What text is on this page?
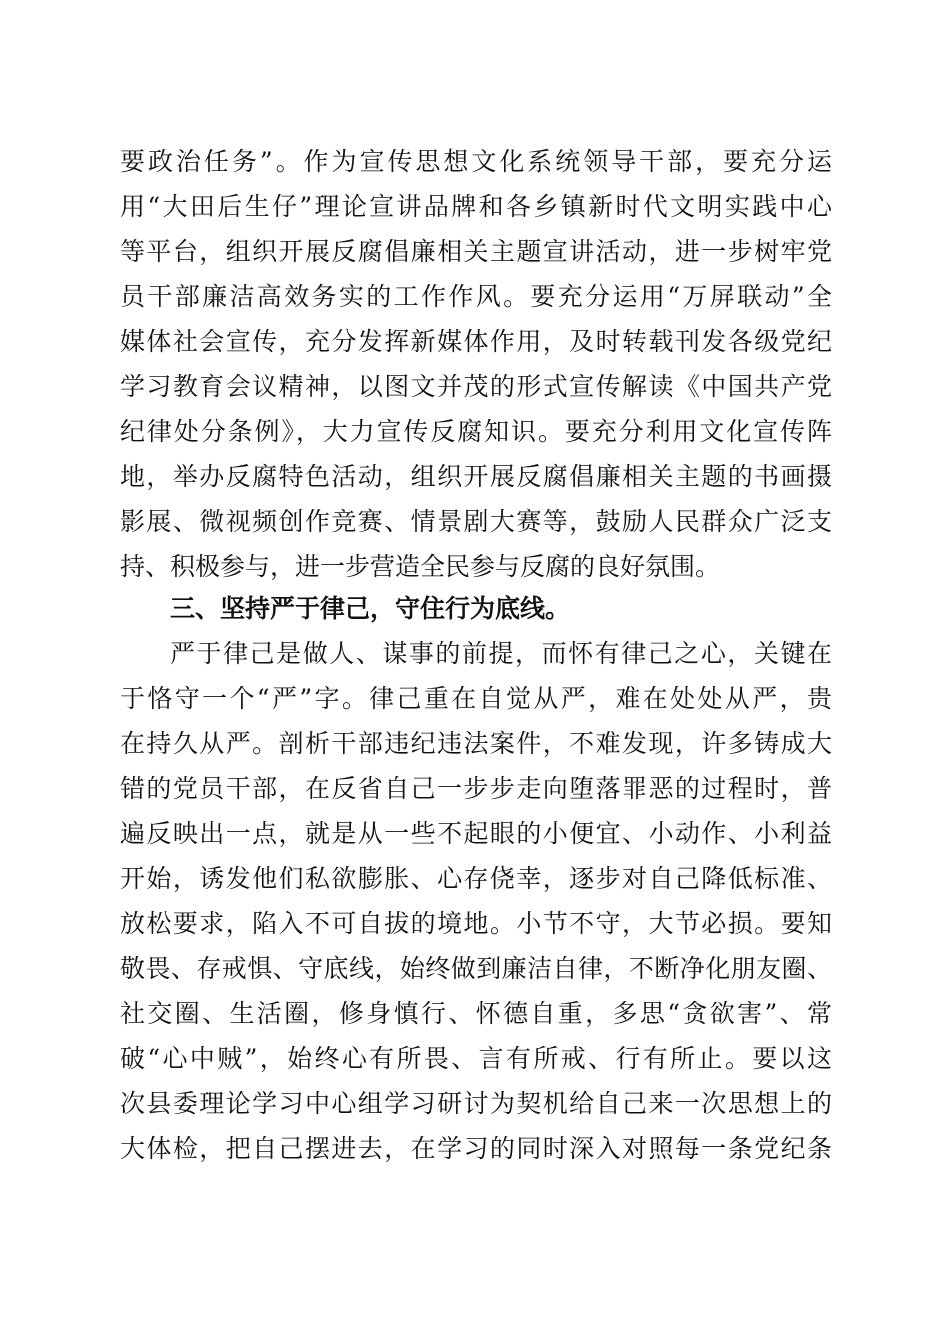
要政治任务”。作为宣传思想文化系统领导干部，要充分运
用“大田后生仔”理论宣讲品牌和各乡镇新时代文明实践中心
等平台，组织开展反腐倡廉相关主题宣讲活动，进一步树牢党
员干部廉洁高效务实的工作作风。要充分运用“万屏联动”全
媒体社会宣传，充分发挥新媒体作用，及时转载刊发各级党纪
学习教育会议精神，以图文并茂的形式宣传解读《中国共产党
纪律处分条例》，大力宣传反腐知识。要充分利用文化宣传阵
地，举办反腐特色活动，组织开展反腐倡廉相关主题的书画摄
影展、微视频创作竞赛、情景剧大赛等，鼓励人民群众广泛支
持、积极参与，进一步营造全民参与反腐的良好氛围。
三、坚持严于律己，守住行为底线。
严于律己是做人、谋事的前提，而怀有律己之心，关键在
于恪守一个“严”字。律己重在自觉从严，难在处处从严，贵
在持久从严。剖析干部违纪违法案件，不难发现，许多铸成大
错的党员干部，在反省自己一步步走向堕落罪恶的过程时，普
遍反映出一点，就是从一些不起眼的小便宜、小动作、小利益
开始，诱发他们私欲膨胀、心存侥幸，逐步对自己降低标准、
放松要求，陷入不可自拔的境地。小节不守，大节必损。要知
敬畏、存戒惧、守底线，始终做到廉洁自律，不断净化朋友圈、
社交圈、生活圈，修身慎行、怀德自重，多思“贪欲害”、常
破“心中贼”，始终心有所畏、言有所戒、行有所止。要以这
次县委理论学习中心组学习研讨为契机给自己来一次思想上的
大体检，把自己摆进去，在学习的同时深入对照每一条党纪条
